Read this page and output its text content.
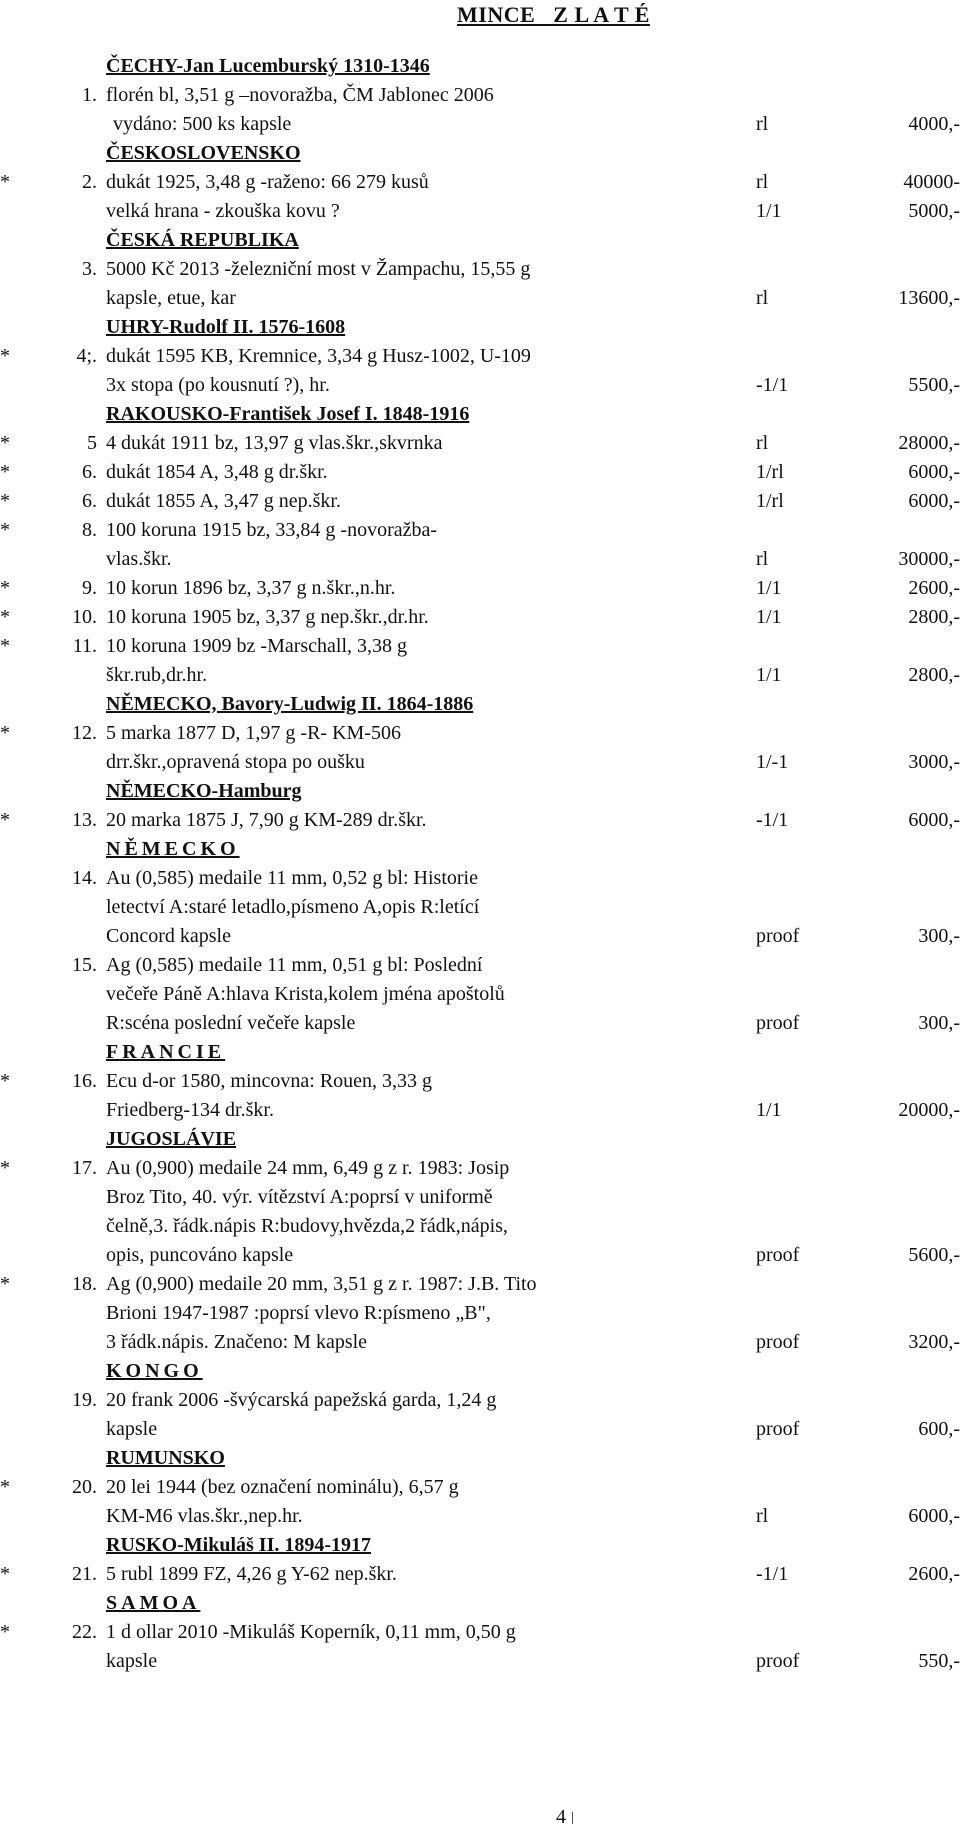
MINCE   Z L A T É
ČECHY-Jan Lucemburský 1310-1346
1. florén bl, 3,51 g –novoražba, ČM Jablonec 2006
vydáno: 500 ks kapsle	rl	4000,-
ČESKOSLOVENSKO
*	2. dukát 1925, 3,48 g -raženo: 66 279 kusů	rl	40000-
velká hrana - zkouška kovu ?	1/1	5000,-
ČESKÁ REPUBLIKA
3. 5000 Kč 2013 -železniční most v Žampachu, 15,55 g
kapsle, etue, kar	rl	13600,-
UHRY-Rudolf II. 1576-1608
*	4;. dukát 1595 KB, Kremnice, 3,34 g Husz-1002, U-109
3x stopa (po kousnutí ?), hr.	-1/1	5500,-
RAKOUSKO-František Josef I. 1848-1916
*	5 4 dukát 1911 bz, 13,97 g vlas.škr.,skvrnka	rl	28000,-
*	6. dukát 1854 A, 3,48 g dr.škr.	1/rl	6000,-
*	6. dukát 1855 A, 3,47 g nep.škr.	1/rl	6000,-
*	8. 100 koruna 1915 bz, 33,84 g -novoražba-
vlas.škr.	rl	30000,-
*	9. 10 korun 1896 bz, 3,37 g n.škr.,n.hr.	1/1	2600,-
*	10. 10 koruna 1905 bz, 3,37 g nep.škr.,dr.hr.	1/1	2800,-
*	11. 10 koruna 1909 bz -Marschall, 3,38 g
škr.rub,dr.hr.	1/1	2800,-
NĚMECKO, Bavory-Ludwig II. 1864-1886
*	12. 5 marka 1877 D, 1,97 g -R- KM-506
drr.škr.,opravená stopa po oušku	1/-1	3000,-
NĚMECKO-Hamburg
*	13. 20 marka 1875 J, 7,90 g KM-289 dr.škr.	-1/1	6000,-
NĚMECKO
14. Au (0,585) medaile 11 mm, 0,52 g bl: Historie
letectví A:staré letadlo,písmeno A,opis R:letící
Concord kapsle	proof	300,-
15. Ag (0,585) medaile 11 mm, 0,51 g bl: Poslední
večeře Páně A:hlava Krista,kolem jména apoštolů
R:scéna poslední večeře kapsle	proof	300,-
FRANCIE
*	16. Ecu d-or 1580, mincovna: Rouen, 3,33 g
Friedberg-134 dr.škr.	1/1	20000,-
JUGOSLÁVIE
*	17. Au (0,900) medaile 24 mm, 6,49 g z r. 1983: Josip
Broz Tito, 40. výr. vítězství A:poprsí v uniformě
čelně,3. řádk.nápis R:budovy,hvězda,2 řádk,nápis,
opis, puncováno kapsle	proof	5600,-
*	18. Ag (0,900) medaile 20 mm, 3,51 g z r. 1987: J.B. Tito
Brioni 1947-1987 :poprsí vlevo R:písmeno „B",
3 řádk.nápis. Značeno: M kapsle	proof	3200,-
KONGO
19. 20 frank 2006 -švýcarská papežská garda, 1,24 g
kapsle	proof	600,-
RUMUNSKO
*	20. 20 lei 1944 (bez označení nominálu), 6,57 g
KM-M6 vlas.škr.,nep.hr.	rl	6000,-
RUSKO-Mikuláš II. 1894-1917
*	21. 5 rubl 1899 FZ, 4,26 g Y-62 nep.škr.	-1/1	2600,-
SAMOA
*	22. 1 d ollar 2010 -Mikuláš Koperník, 0,11 mm, 0,50 g
kapsle	proof	550,-
4
